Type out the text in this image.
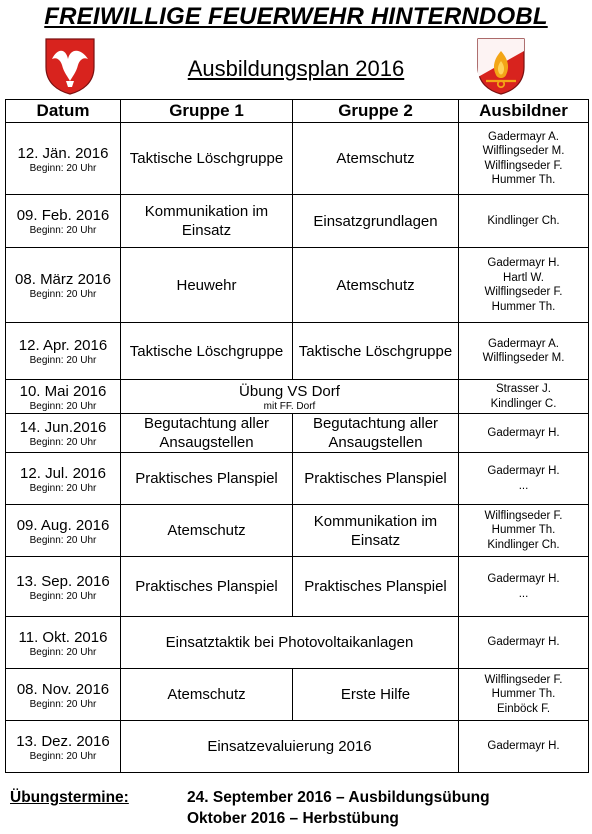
FREIWILLIGE FEUERWEHR HINTERNDOBL
Ausbildungsplan 2016
Datum	Gruppe 1	Gruppe 2	Ausbildner

12. Jän. 2016
Beginn: 20 Uhr	Taktische Löschgruppe	Atemschutz	Gadermayr A.
Wilflingseder M.
Wilflingseder F.
Hummer Th.

09. Feb. 2016
Beginn: 20 Uhr	Kommunikation im Einsatz	Einsatzgrundlagen	Kindlinger Ch.

08. März 2016
Beginn: 20 Uhr	Heuwehr	Atemschutz	Gadermayr H.
Hartl W.
Wilflingseder F.
Hummer Th.

12. Apr. 2016
Beginn: 20 Uhr	Taktische Löschgruppe	Taktische Löschgruppe	Gadermayr A.
Wilflingseder M.

10. Mai 2016
Beginn: 20 Uhr	Übung VS Dorf
mit FF. Dorf		Strasser J.
Kindlinger C.

14. Jun.2016
Beginn: 20 Uhr	Begutachtung aller Ansaugstellen	Begutachtung aller Ansaugstellen	Gadermayr H.

12. Jul. 2016
Beginn: 20 Uhr	Praktisches Planspiel	Praktisches Planspiel	Gadermayr H.
...

09. Aug. 2016
Beginn: 20 Uhr	Atemschutz	Kommunikation im Einsatz	Wilflingseder F.
Hummer Th.
Kindlinger Ch.

13. Sep. 2016
Beginn: 20 Uhr	Praktisches Planspiel	Praktisches Planspiel	Gadermayr H.
...

11. Okt. 2016
Beginn: 20 Uhr	Einsatztaktik bei Photovoltaikanlagen		Gadermayr H.

08. Nov. 2016
Beginn: 20 Uhr	Atemschutz	Erste Hilfe	Wilflingseder F.
Hummer Th.
Einböck F.

13. Dez. 2016
Beginn: 20 Uhr	Einsatzevaluierung 2016		Gadermayr H.
Übungstermine:	24. September 2016 – Ausbildungsübung
Oktober 2016 – Herbstübung
